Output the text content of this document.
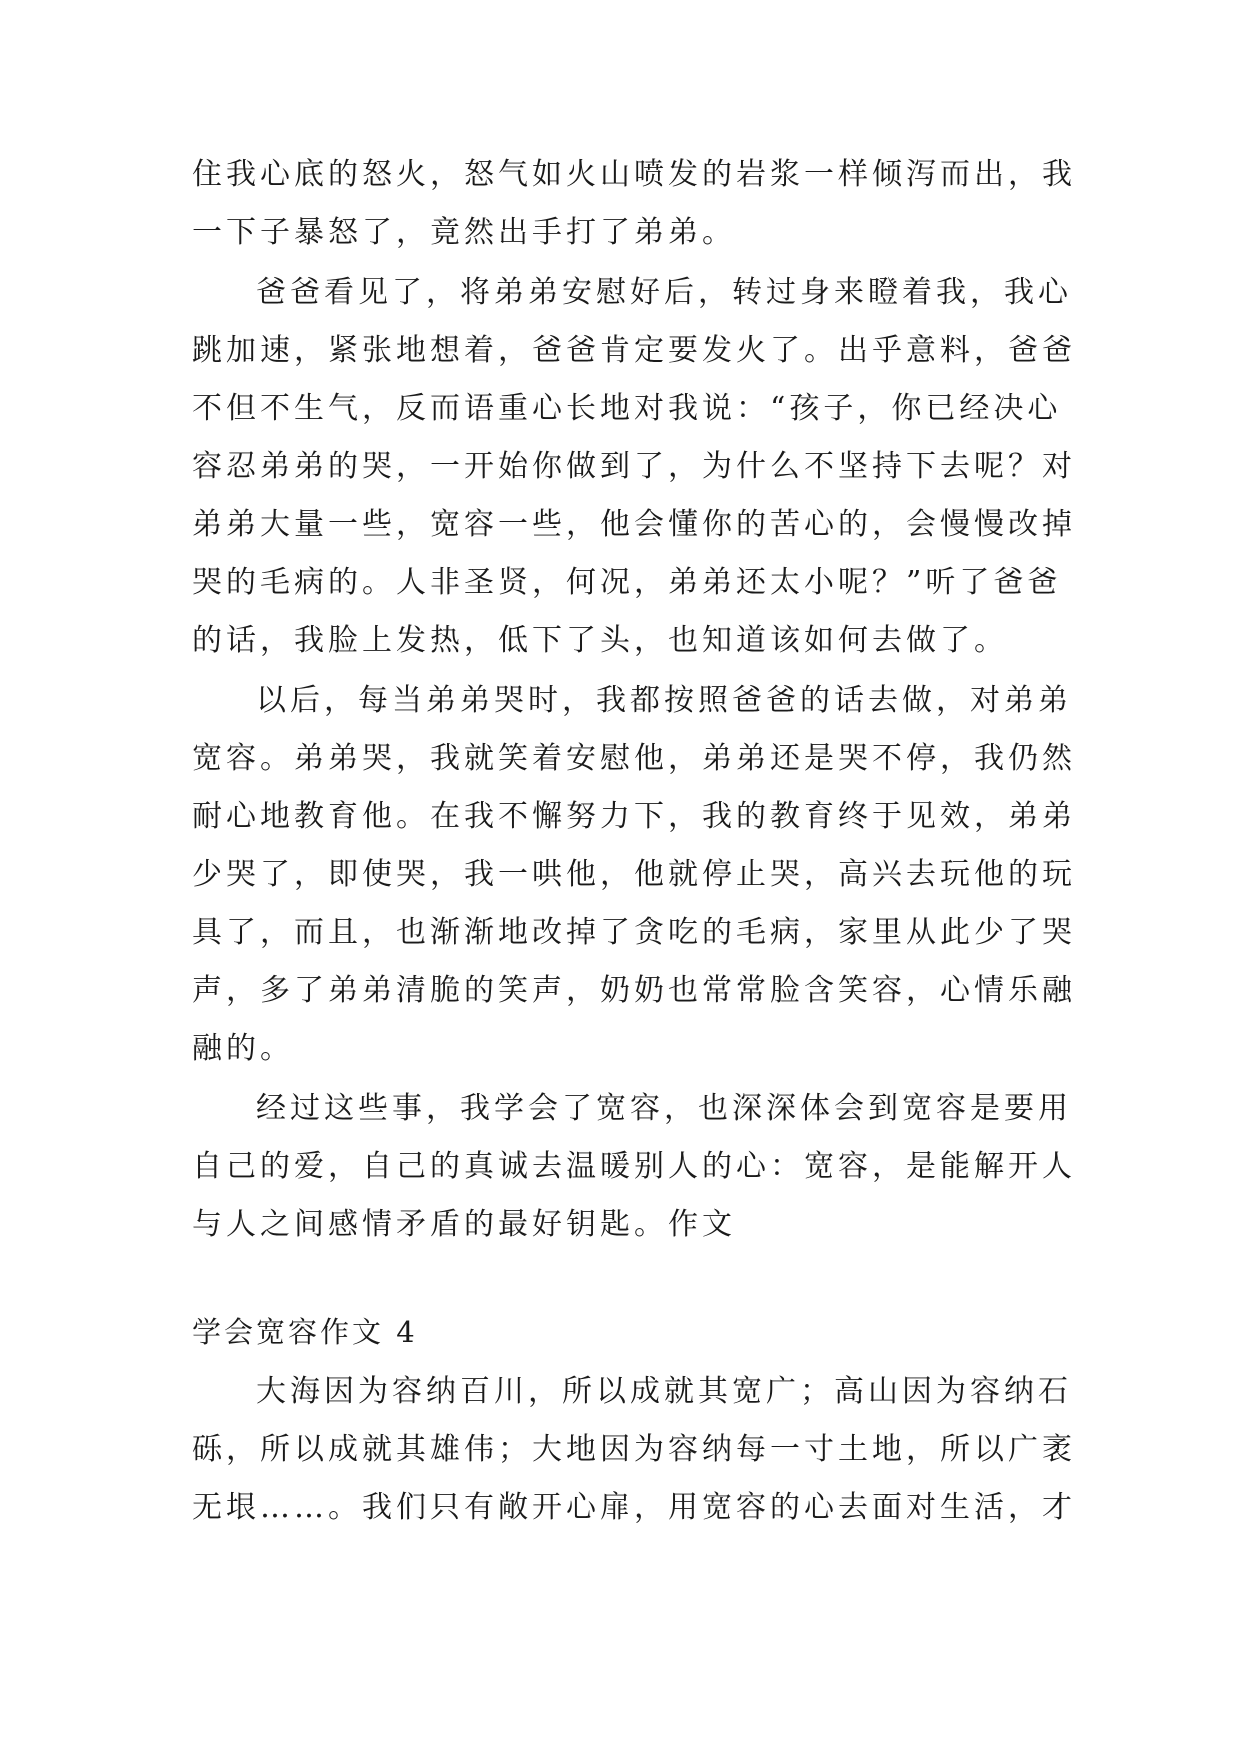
住我心底的怒火，怒气如火山喷发的岩浆一样倾泻而出，我
一下子暴怒了，竟然出手打了弟弟。
爸爸看见了，将弟弟安慰好后，转过身来瞪着我，我心
跳加速，紧张地想着，爸爸肯定要发火了。出乎意料，爸爸
不但不生气，反而语重心长地对我说：“孩子，你已经决心
容忍弟弟的哭，一开始你做到了，为什么不坚持下去呢？对
弟弟大量一些，宽容一些，他会懂你的苦心的，会慢慢改掉
哭的毛病的。人非圣贤，何况，弟弟还太小呢？”听了爸爸
的话，我脸上发热，低下了头，也知道该如何去做了。
以后，每当弟弟哭时，我都按照爸爸的话去做，对弟弟
宽容。弟弟哭，我就笑着安慰他，弟弟还是哭不停，我仍然
耐心地教育他。在我不懈努力下，我的教育终于见效，弟弟
少哭了，即使哭，我一哄他，他就停止哭，高兴去玩他的玩
具了，而且，也渐渐地改掉了贪吃的毛病，家里从此少了哭
声，多了弟弟清脆的笑声，奶奶也常常脸含笑容，心情乐融
融的。
经过这些事，我学会了宽容，也深深体会到宽容是要用
自己的爱，自己的真诚去温暖别人的心：宽容，是能解开人
与人之间感情矛盾的最好钥匙。作文
学会宽容作文 4
大海因为容纳百川，所以成就其宽广；高山因为容纳石
砾，所以成就其雄伟；大地因为容纳每一寸土地，所以广袤
无垠……。我们只有敞开心扉，用宽容的心去面对生活，才
